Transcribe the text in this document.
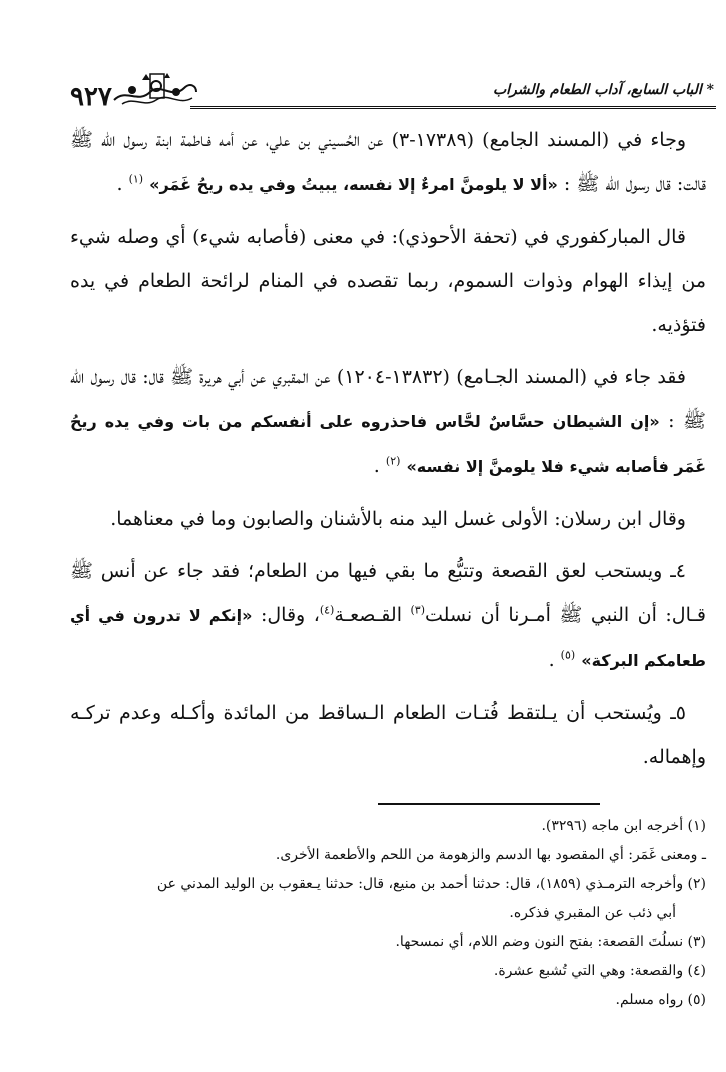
٩٢٧	* الباب السابع، آداب الطعام والشراب

وجاء في (المسند الجامع) (١٧٣٨٩-٣) عن الحُسيني بن علي، عن أمه فـاطمة ابنة رسول الله ﷺ قالت: قال رسول الله ﷺ : «ألا لا يلومنَّ امرءٌ إلا نفسه، يبيتُ وفي يده ريحُ غَمَر» $^{(١)}$ .

قال المباركفوري في (تحفة الأحوذي): في معنى (فأصابه شيء) أي وصله شيء من إيذاء الهوام وذوات السموم، ربما تقصده في المنام لرائحة الطعام في يده فتؤذيه.

فقد جاء في (المسند الجـامع) (١٣٨٣٢-١٢٠٤) عن المقبري عن أبي هريرة ﷺ قال: قال رسول الله ﷺ : «إن الشيطان حسَّاسٌ لحَّاس فاحذروه على أنفسكم من بات وفي يده ريحُ غَمَر فأصابه شيء فلا يلومنَّ إلا نفسه» $^{(٢)}$ .

وقال ابن رسلان: الأولى غسل اليد منه بالأشنان والصابون وما في معناهما.

٤ـ ويستحب لعق القصعة وتتبُّع ما بقي فيها من الطعام؛ فقد جاء عن أنس ﷺ قـال: أن النبي ﷺ أمـرنا أن نسلت$^{(٣)}$ القـصعـة$^{(٤)}$، وقال: «إنكم لا تدرون في أي طعامكم البركة» $^{(٥)}$ .

٥ـ ويُستحب أن يـلتقط فُتـات الطعام الـساقط من المائدة وأكـله وعدم تركـه وإهماله.

(١) أخرجه ابن ماجه (٣٢٩٦).

ـ ومعنى غَمَر: أي المقصود بها الدسم والزهومة من اللحم والأطعمة الأخرى.

(٢) وأخرجه الترمـذي (١٨٥٩)، قال: حدثنا أحمد بن منيع، قال: حدثنا يـعقوب بن الوليد المدني عن

أبي ذئب عن المقبري فذكره.

(٣) نسلُتَ القصعة: بفتح النون وضم اللام، أي نمسحها.

(٤) والقصعة: وهي التي تُشبع عشرة.

(٥) رواه مسلم.
